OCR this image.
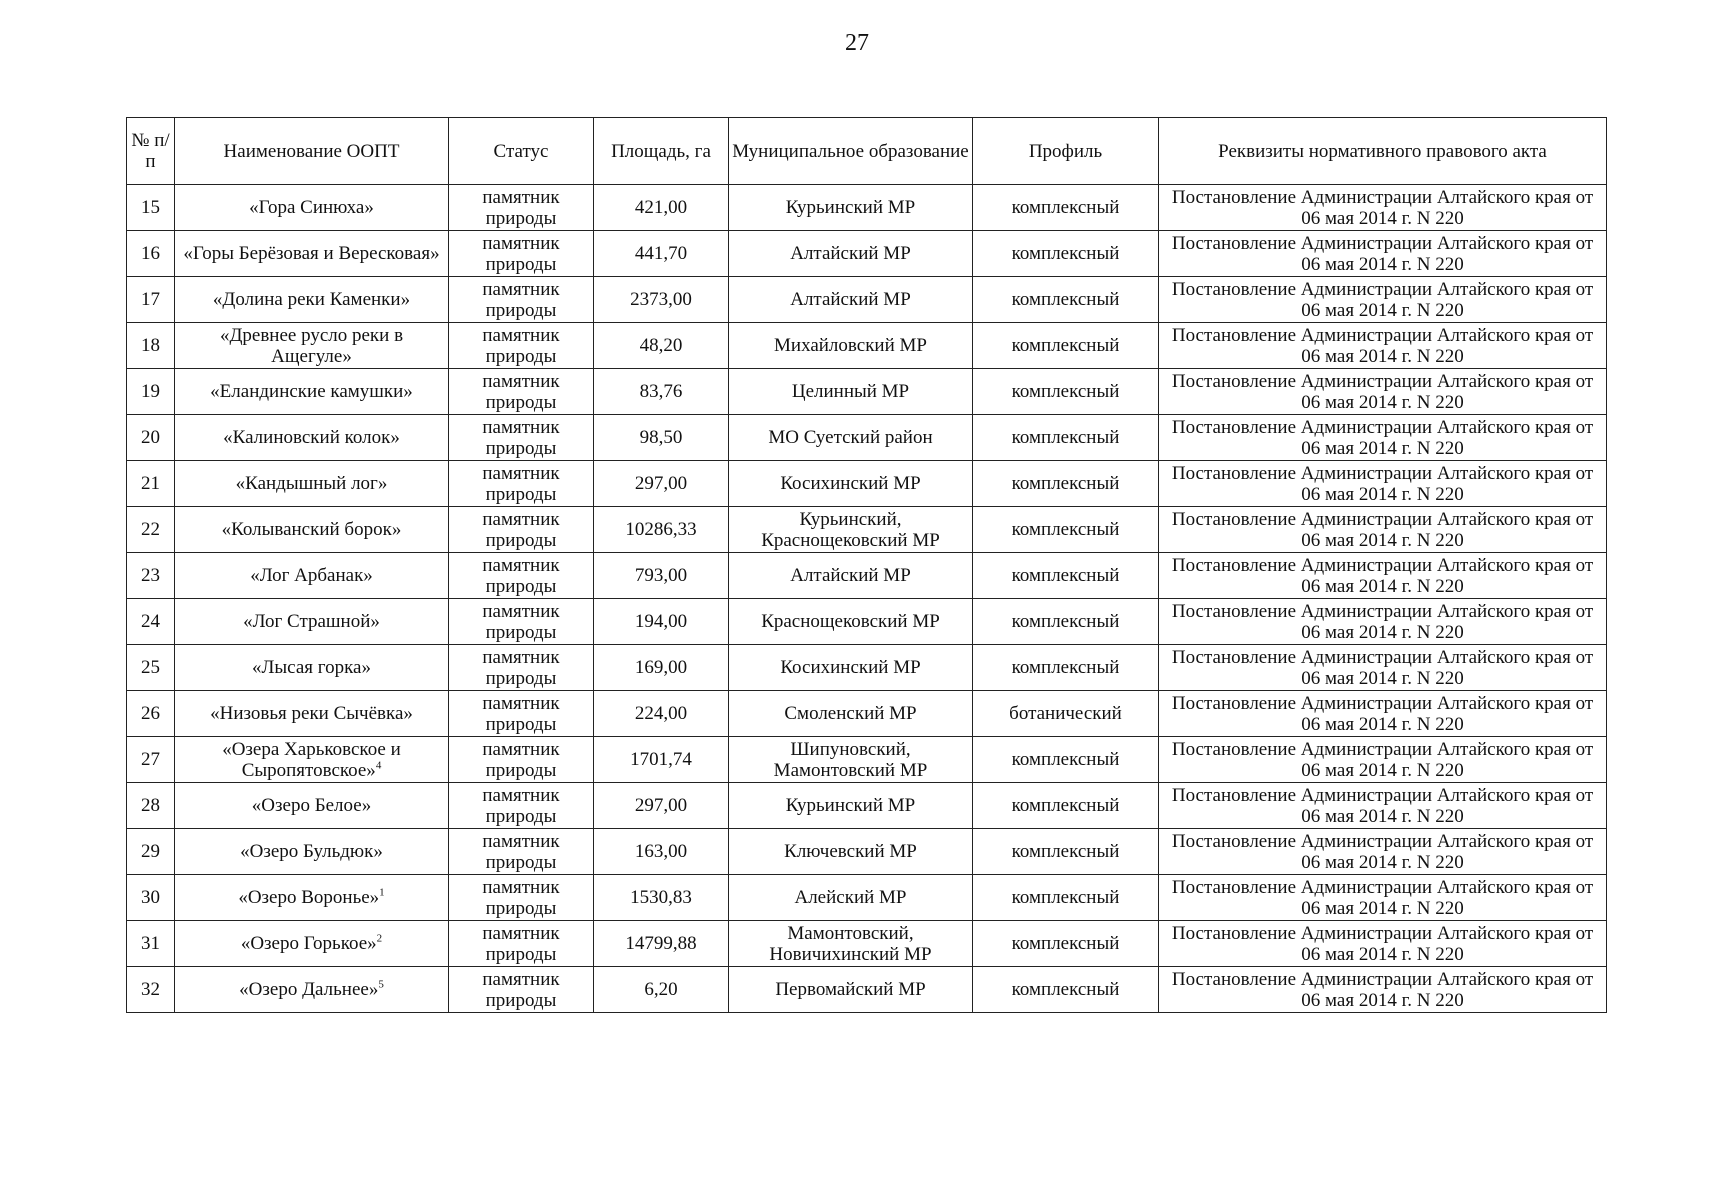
27
№ п/ п	Наименование ООПТ	Статус	Площадь, га	Муниципальное образование	Профиль	Реквизиты нормативного правового акта
15	«Гора Синюха»	памятник природы	421,00	Курьинский МР	комплексный	Постановление Администрации Алтайского края от 06 мая 2014 г. N 220
16	«Горы Берёзовая и Вересковая»	памятник природы	441,70	Алтайский МР	комплексный	Постановление Администрации Алтайского края от 06 мая 2014 г. N 220
17	«Долина реки Каменки»	памятник природы	2373,00	Алтайский МР	комплексный	Постановление Администрации Алтайского края от 06 мая 2014 г. N 220
18	«Древнее русло реки в Ащегуле»	памятник природы	48,20	Михайловский МР	комплексный	Постановление Администрации Алтайского края от 06 мая 2014 г. N 220
19	«Еландинские камушки»	памятник природы	83,76	Целинный МР	комплексный	Постановление Администрации Алтайского края от 06 мая 2014 г. N 220
20	«Калиновский колок»	памятник природы	98,50	МО Суетский район	комплексный	Постановление Администрации Алтайского края от 06 мая 2014 г. N 220
21	«Кандышный лог»	памятник природы	297,00	Косихинский МР	комплексный	Постановление Администрации Алтайского края от 06 мая 2014 г. N 220
22	«Колыванский борок»	памятник природы	10286,33	Курьинский, Краснощековский МР	комплексный	Постановление Администрации Алтайского края от 06 мая 2014 г. N 220
23	«Лог Арбанак»	памятник природы	793,00	Алтайский МР	комплексный	Постановление Администрации Алтайского края от 06 мая 2014 г. N 220
24	«Лог Страшной»	памятник природы	194,00	Краснощековский МР	комплексный	Постановление Администрации Алтайского края от 06 мая 2014 г. N 220
25	«Лысая горка»	памятник природы	169,00	Косихинский МР	комплексный	Постановление Администрации Алтайского края от 06 мая 2014 г. N 220
26	«Низовья реки Сычёвка»	памятник природы	224,00	Смоленский МР	ботанический	Постановление Администрации Алтайского края от 06 мая 2014 г. N 220
27	«Озера Харьковское и Сыропятовское»$^4$	памятник природы	1701,74	Шипуновский, Мамонтовский МР	комплексный	Постановление Администрации Алтайского края от 06 мая 2014 г. N 220
28	«Озеро Белое»	памятник природы	297,00	Курьинский МР	комплексный	Постановление Администрации Алтайского края от 06 мая 2014 г. N 220
29	«Озеро Бульдюк»	памятник природы	163,00	Ключевский МР	комплексный	Постановление Администрации Алтайского края от 06 мая 2014 г. N 220
30	«Озеро Воронье»$^1$	памятник природы	1530,83	Алейский МР	комплексный	Постановление Администрации Алтайского края от 06 мая 2014 г. N 220
31	«Озеро Горькое»$^2$	памятник природы	14799,88	Мамонтовский, Новичихинский МР	комплексный	Постановление Администрации Алтайского края от 06 мая 2014 г. N 220
32	«Озеро Дальнее»$^5$	памятник природы	6,20	Первомайский МР	комплексный	Постановление Администрации Алтайского края от 06 мая 2014 г. N 220
